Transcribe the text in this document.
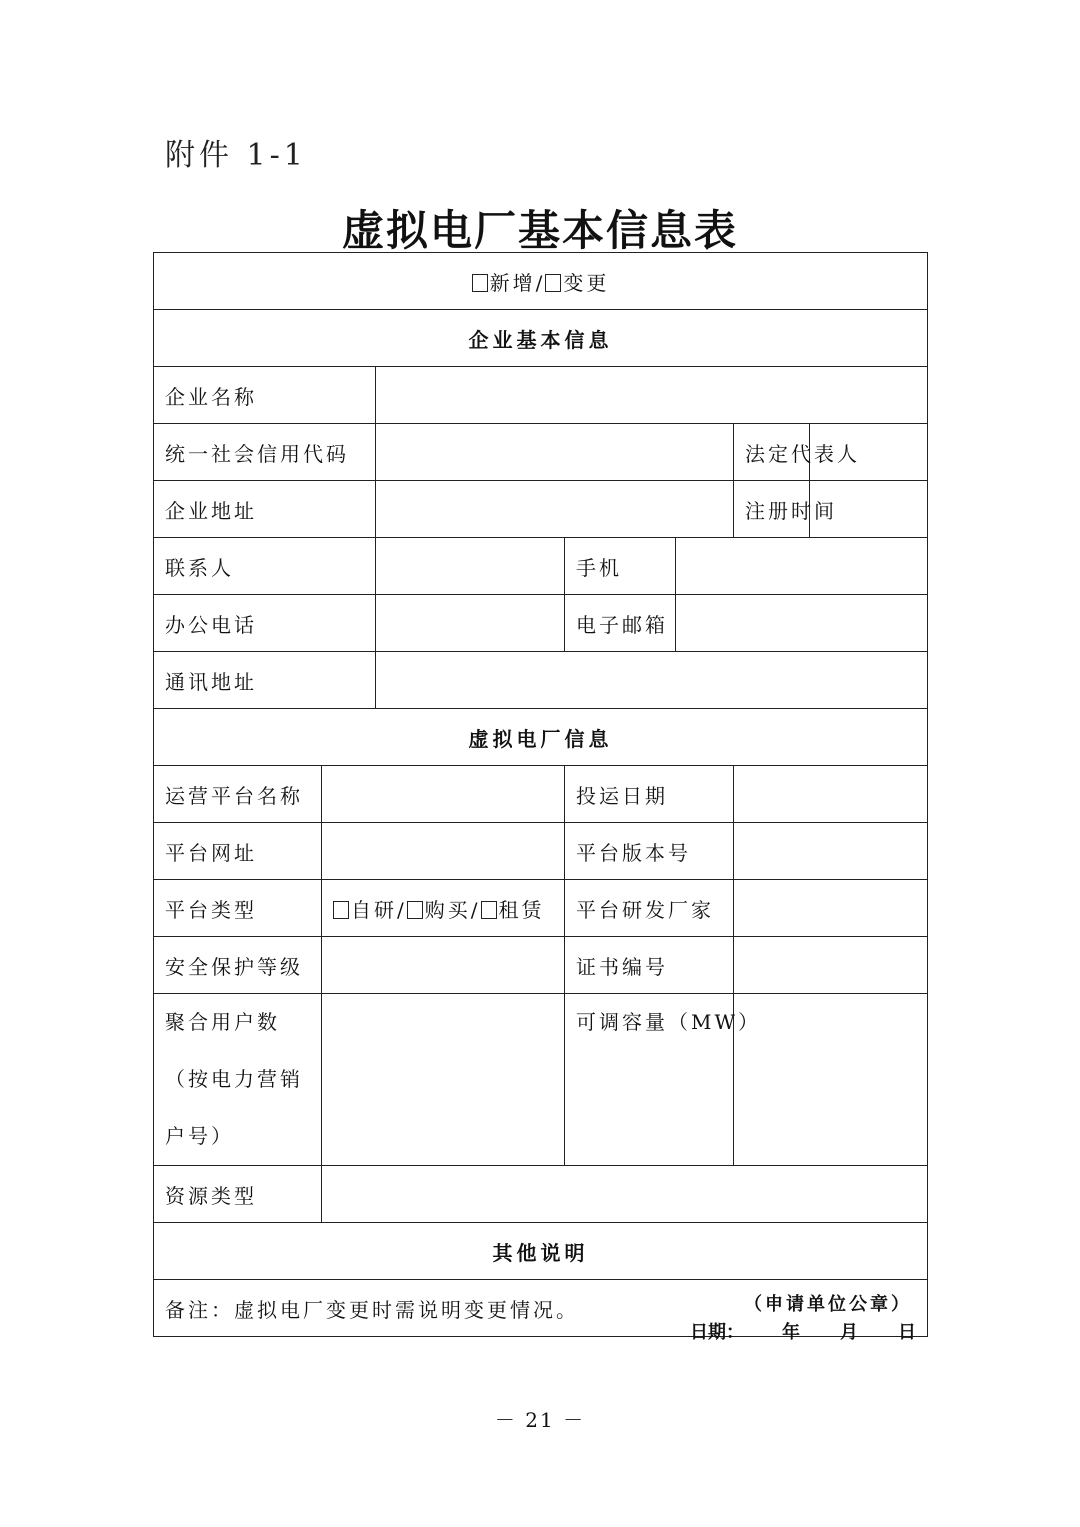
附件 1-1
虚拟电厂基本信息表
新增/ 变更						
企业基本信息						
企业名称						
统一社会信用代码					法定代表人	
企业地址					注册时间	
联系人			手机			
办公电话			电子邮箱			
通讯地址						
虚拟电厂信息						
运营平台名称			投运日期			
平台网址			平台版本号			
平台类型	自研/ 购买/ 租赁		平台研发厂家			
安全保护等级			证书编号			
聚合用户数（按电力营销户号）			可调容量（MW）			
资源类型						
其他说明						
备注：虚拟电厂变更时需说明变更情况。							（申请单位公章）
日期： 年 月 日
－ 21 －
